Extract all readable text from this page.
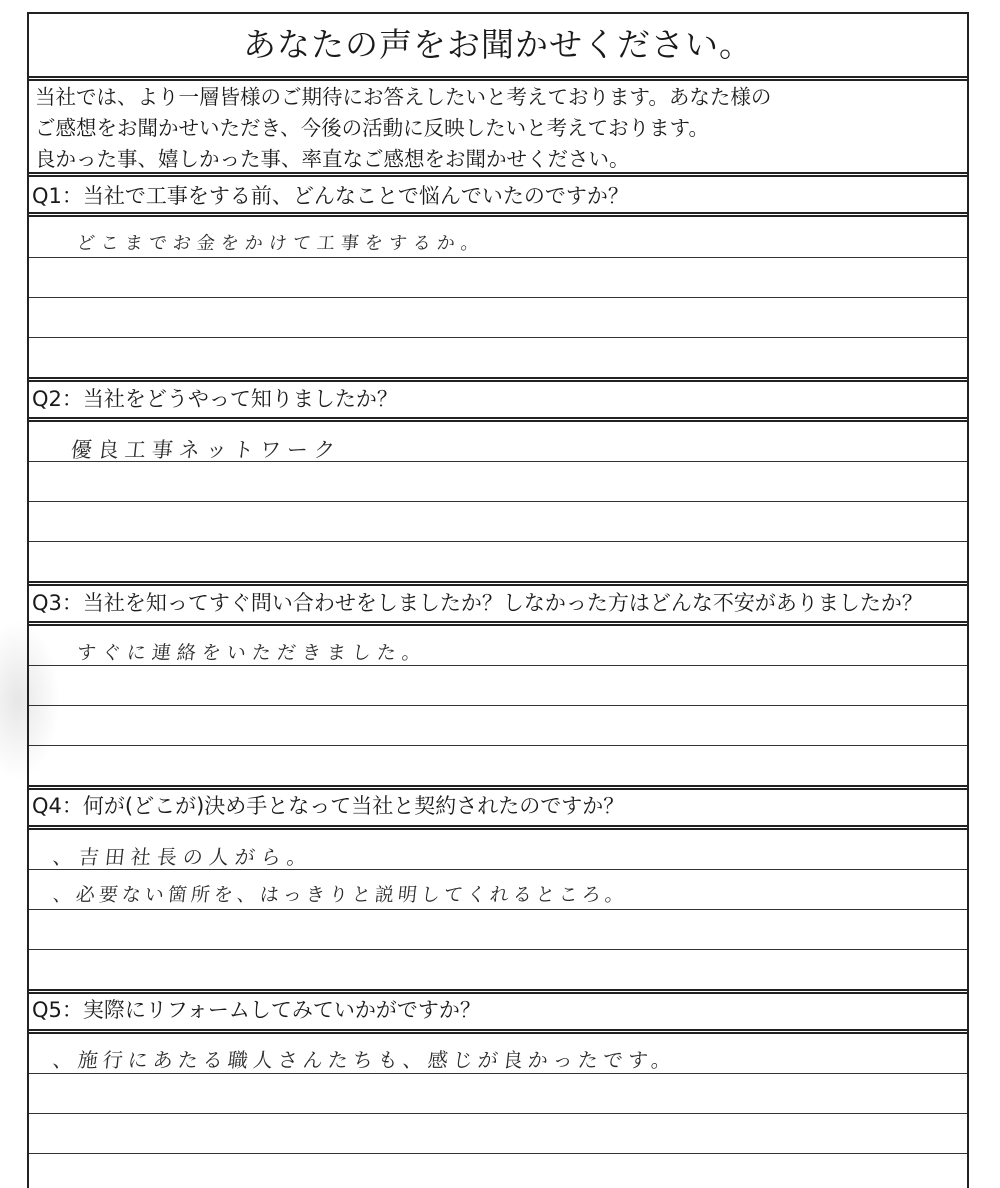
あなたの声をお聞かせください。
当社では、より一層皆様のご期待にお答えしたいと考えております。あなた様の
ご感想をお聞かせいただき、今後の活動に反映したいと考えております。
良かった事、嬉しかった事、率直なご感想をお聞かせください。
Q1：当社で工事をする前、どんなことで悩んでいたのですか？
どこまでお金をかけて工事をするか。
Q2：当社をどうやって知りましたか？
優良工事ネットワーク
Q3：当社を知ってすぐ問い合わせをしましたか？しなかった方はどんな不安がありましたか？
すぐに連絡をいただきました。
Q4：何が(どこが)決め手となって当社と契約されたのですか？
、吉田社長の人がら。
、必要ない箇所を、はっきりと説明してくれるところ。
Q5：実際にリフォームしてみていかがですか？
、施行にあたる職人さんたちも、感じが良かったです。
